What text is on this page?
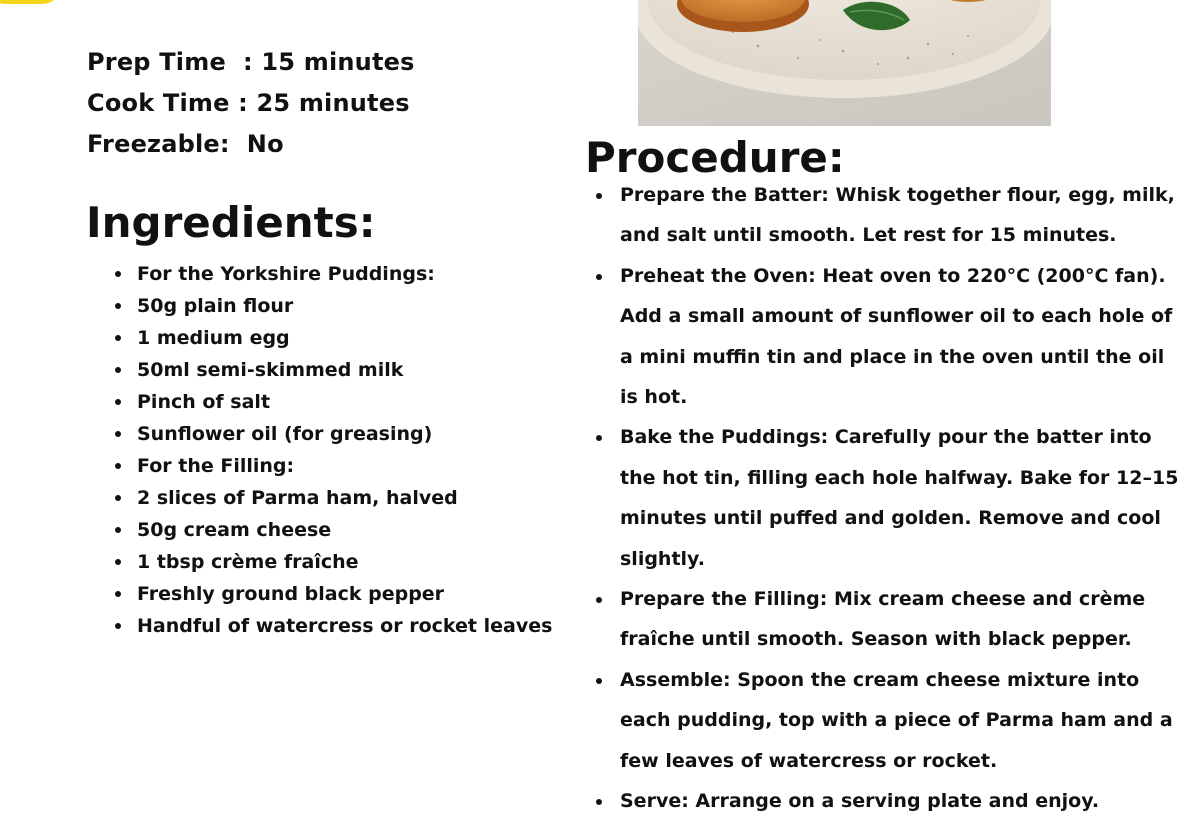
Prep Time  : 15 minutes
Cook Time : 25 minutes
Freezable:  No
Ingredients:
For the Yorkshire Puddings:
50g plain flour
1 medium egg
50ml semi-skimmed milk
Pinch of salt
Sunflower oil (for greasing)
For the Filling:
2 slices of Parma ham, halved
50g cream cheese
1 tbsp crème fraîche
Freshly ground black pepper
Handful of watercress or rocket leaves
Procedure:
Prepare the Batter: Whisk together flour, egg, milk, and salt until smooth. Let rest for 15 minutes.
Preheat the Oven: Heat oven to 220°C (200°C fan). Add a small amount of sunflower oil to each hole of a mini muffin tin and place in the oven until the oil is hot.
Bake the Puddings: Carefully pour the batter into the hot tin, filling each hole halfway. Bake for 12–15 minutes until puffed and golden. Remove and cool slightly.
Prepare the Filling: Mix cream cheese and crème fraîche until smooth. Season with black pepper.
Assemble: Spoon the cream cheese mixture into each pudding, top with a piece of Parma ham and a few leaves of watercress or rocket.
Serve: Arrange on a serving plate and enjoy.
